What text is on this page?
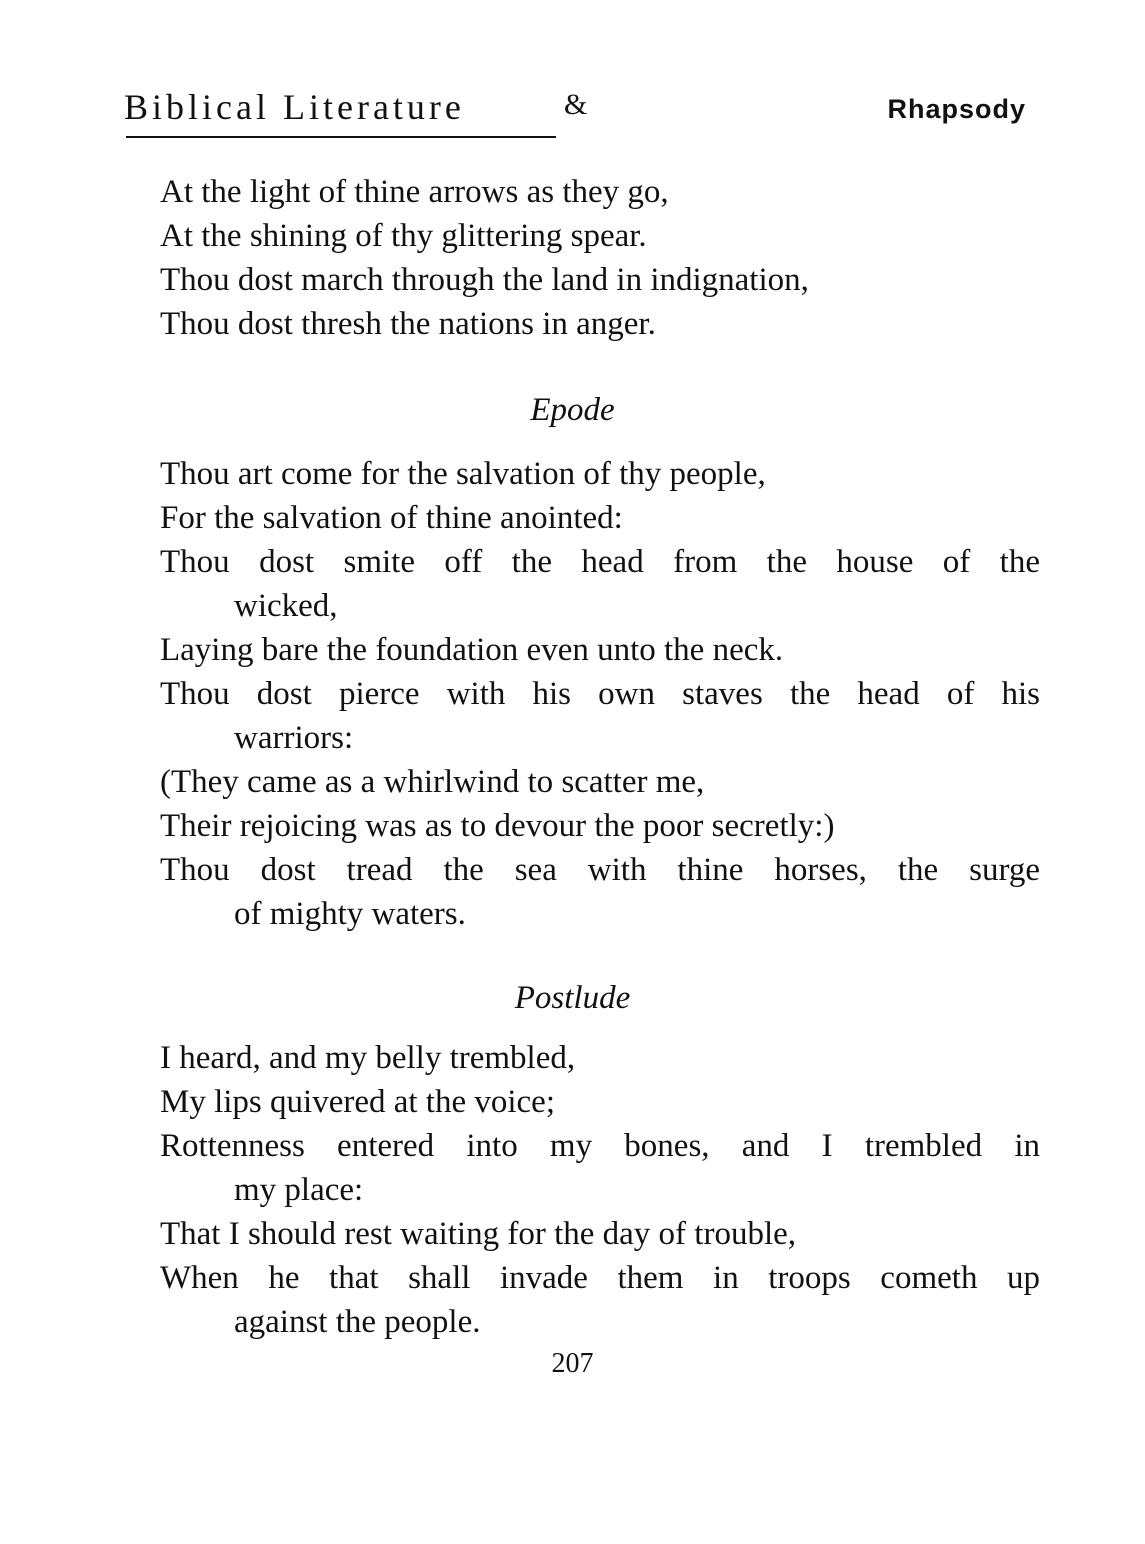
Biblical Literature	&	Rhapsody
At the light of thine arrows as they go,
At the shining of thy glittering spear.
Thou dost march through the land in indignation,
Thou dost thresh the nations in anger.
Epode
Thou art come for the salvation of thy people,
For the salvation of thine anointed:
Thou dost smite off the head from the house of the
wicked,
Laying bare the foundation even unto the neck.
Thou dost pierce with his own staves the head of his
warriors:
(They came as a whirlwind to scatter me,
Their rejoicing was as to devour the poor secretly:)
Thou dost tread the sea with thine horses, the surge
of mighty waters.
Postlude
I heard, and my belly trembled,
My lips quivered at the voice;
Rottenness entered into my bones, and I trembled in
my place:
That I should rest waiting for the day of trouble,
When he that shall invade them in troops cometh up
against the people.
207
